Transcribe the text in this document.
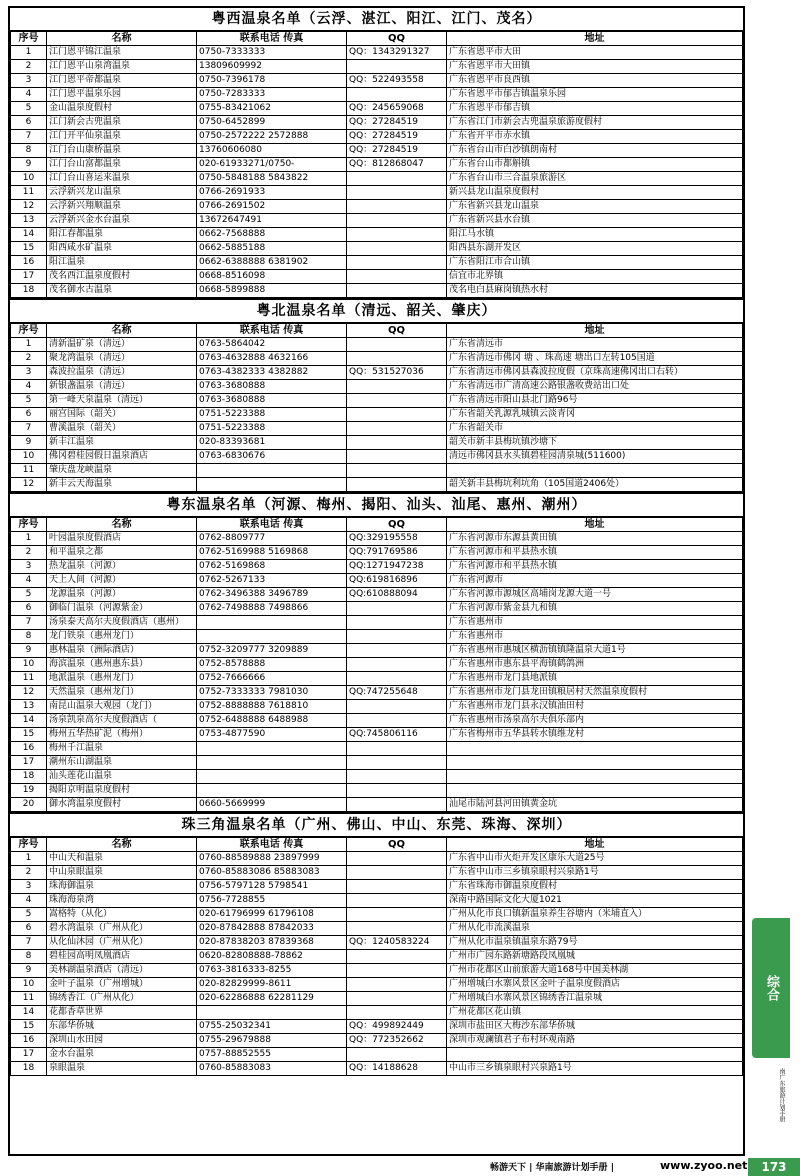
粤西温泉名单（云浮、湛江、阳江、江门、茂名）
序号	名称	联系电话 传真	QQ	地址
1	江门恩平锦江温泉	0750-7333333	QQ：1343291327	广东省恩平市大田
2	江门恩平山泉湾温泉	13809609992		广东省恩平市大田镇
3	江门恩平帝都温泉	0750-7396178	QQ：522493558	广东省恩平市良西镇
4	江门恩平温泉乐园	0750-7283333		广东省恩平市郁吉镇温泉乐园
5	金山温泉度假村	0755-83421062	QQ：245659068	广东省恩平市郁吉镇
6	江门新会古兜温泉	0750-6452899	QQ：27284519	广东省江门市新会古兜温泉旅游度假村
7	江门开平仙泉温泉	0750-2572222 2572888	QQ：27284519	广东省开平市赤水镇
8	江门台山康桥温泉	13760606080	QQ：27284519	广东省台山市白沙镇朗南村
9	江门台山富都温泉	020-61933271/0750-	QQ：812868047	广东省台山市都斛镇
10	江门台山喜运来温泉	0750-5848188 5843822		广东省台山市三合温泉旅游区
11	云浮新兴龙山温泉	0766-2691933		新兴县龙山温泉度假村
12	云浮新兴翔顺温泉	0766-2691502		广东省新兴县龙山温泉
13	云浮新兴金水台温泉	13672647491		广东省新兴县水台镇
14	阳江春都温泉	0662-7568888		阳江马水镇
15	阳西咸水矿温泉	0662-5885188		阳西县东湖开发区
16	阳江温泉	0662-6388888 6381902		广东省阳江市合山镇
17	茂名西江温泉度假村	0668-8516098		信宜市北界镇
18	茂名御水古温泉	0668-5899888		茂名电白县麻岗镇热水村
粤北温泉名单（清远、韶关、肇庆）
序号	名称	联系电话 传真	QQ	地址
1	清新温矿泉（清远）	0763-5864042		广东省清远市
2	聚龙湾温泉（清远）	0763-4632888 4632166		广东省清远市佛冈 塘 、珠高速 塘出口左转105国道
3	森波拉温泉（清远）	0763-4382333 4382882	QQ：531527036	广东省清远市佛冈县森波拉度假（京珠高速佛冈出口右转）
4	新银盏温泉（清远）	0763-3680888		广东省清远市广清高速公路银盏收费站出口处
5	第一峰天泉温泉（清远）	0763-3680888		广东省清远市阳山县北门路96号
6	丽宫国际（韶关）	0751-5223388		广东省韶关乳源乳城镇云淡青冈
7	曹溪温泉（韶关）	0751-5223388		广东省韶关市
9	新丰江温泉	020-83393681		韶关市新丰县梅坑镇沙塘下
10	佛冈碧桂园假日温泉酒店	0763-6830676		清远市佛冈县水头镇碧桂园清泉城(511600)
11	肇庆盘龙峡温泉			
12	新丰云天海温泉			韶关新丰县梅坑利坑角（105国道2406处）
粤东温泉名单（河源、梅州、揭阳、汕头、汕尾、惠州、潮州）
序号	名称	联系电话 传真	QQ	地址
1	叶园温泉度假酒店	0762-8809777	QQ:329195558	广东省河源市东源县黄田镇
2	和平温泉之都	0762-5169988 5169868	QQ:791769586	广东省河源市和平县热水镇
3	热龙温泉（河源）	0762-5169868	QQ:1271947238	广东省河源市和平县热水镇
4	天上人间（河源）	0762-5267133	QQ:619816896	广东省河源市
5	龙源温泉（河源）	0762-3496388 3496789	QQ:610888094	广东省河源市源城区高埔岗龙源大道一号
6	御临门温泉（河源紫金）	0762-7498888 7498866		广东省河源市紫金县九和镇
7	汤泉泰天高尔夫度假酒店（惠州）			广东省惠州市
8	龙门铁泉（惠州龙门）			广东省惠州市
9	惠林温泉（洲际酒店）	0752-3209777 3209889		广东省惠州市惠城区横沥镇镇隆温泉大道1号
10	海滨温泉（惠州惠东县）	0752-8578888		广东省惠州市惠东县平海镇鹤鸽洲
11	地派温泉（惠州龙门）	0752-7666666		广东省惠州市龙门县地派镇
12	天然温泉（惠州龙门）	0752-7333333 7981030	QQ:747255648	广东省惠州市龙门县龙田镇粮居村天然温泉度假村
13	南昆山温泉大观园（龙门）	0752-8888888 7618810		广东省惠州市龙门县永汉镇油田村
14	汤泉凯泉高尔夫度假酒店（	0752-6488888 6488988		广东省惠州市汤泉高尔夫俱乐部内
15	梅州五华热矿泥（梅州）	0753-4877590	QQ:745806116	广东省梅州市五华县转水镇维龙村
16	梅州千江温泉			
17	潮州东山湖温泉			
18	汕头莲花山温泉			
19	揭阳京明温泉度假村			
20	御水湾温泉度假村	0660-5669999		汕尾市陆河县河田镇黄金坑
珠三角温泉名单（广州、佛山、中山、东莞、珠海、深圳）
序号	名称	联系电话 传真	QQ	地址
1	中山天和温泉	0760-88589888 23897999		广东省中山市火炬开发区康乐大道25号
2	中山泉眼温泉	0760-85883086 85883083		广东省中山市三乡镇泉眼村兴泉路1号
3	珠海御温泉	0756-5797128 5798541		广东省珠海市御温泉度假村
4	珠海海泉湾	0756-7728855		深南中路国际文化大厦1021
5	嵩格特（从化）	020-61796999 61796108		广州从化市良口镇新温泉养生谷塘内（米埔直入）
6	碧水湾温泉（广州从化）	020-87842888 87842033		广州从化市流溪温泉
7	从化仙沐园（广州从化）	020-87838203 87839368	QQ：1240583224	广州从化市温泉镇温泉东路79号
8	碧桂园高明凤凰酒店	0620-82808888-78862		广州市广园东路新塘路段凤凰城
9	美林湖温泉酒店（清远）	0763-3816333-8255		广州市花都区山前旅游大道168号中国美林湖
10	金叶子温泉（广州增城）	020-82829999-8611		广州增城白水寨风景区金叶子温泉度假酒店
11	锦绣香江（广州从化）	020-62286888 62281129		广州增城白水寨风景区锦绣香江温泉城
14	花都香草世界			广州花都区花山镇
15	东部华侨城	0755-25032341	QQ：499892449	深圳市盐田区大梅沙东部华侨城
16	深圳山水田园	0755-29679888	QQ：772352662	深圳市观澜镇君子布村环观南路
17	金水台温泉	0757-88852555		
18	泉眼温泉	0760-85883083	QQ：14188628	中山市三乡镇泉眼村兴泉路1号
综合
南广东旅游计划手册
畅游天下 | 华南旅游计划手册 |	www.zyoo.net	173
